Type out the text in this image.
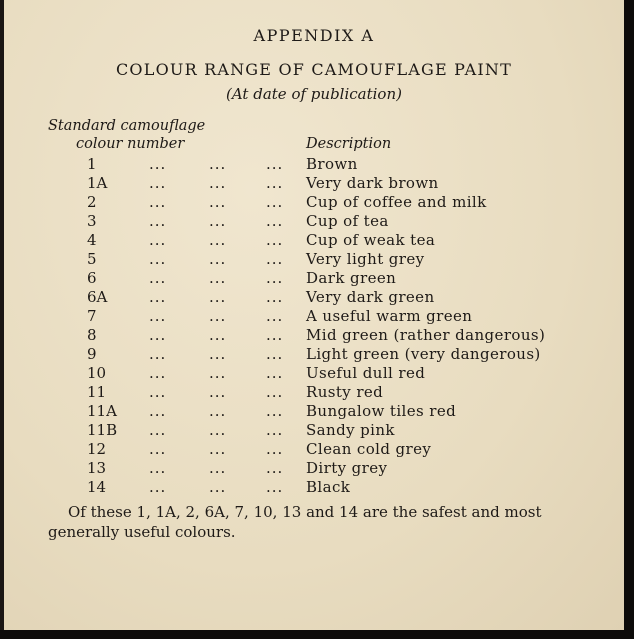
APPENDIX A
COLOUR RANGE OF CAMOUFLAGE PAINT
(At date of publication)
Standard camouflage
colour number	Description
1	...	...	... Brown
1A	...	...	... Very dark brown
2	...	...	... Cup of coffee and milk
3	...	...	... Cup of tea
4	...	...	... Cup of weak tea
5	...	...	... Very light grey
6	...	...	... Dark green
6A	...	...	... Very dark green
7	...	...	... A useful warm green
8	...	...	... Mid green (rather dangerous)
9	...	...	... Light green (very dangerous)
10	...	...	... Useful dull red
11	...	...	... Rusty red
11A ...	...	... Bungalow tiles red
11B ...	...	... Sandy pink
12	...	...	... Clean cold grey
13	...	...	... Dirty grey
14	...	...	... Black
Of these 1, 1A, 2, 6A, 7, 10, 13 and 14 are the safest and most generally useful colours.
